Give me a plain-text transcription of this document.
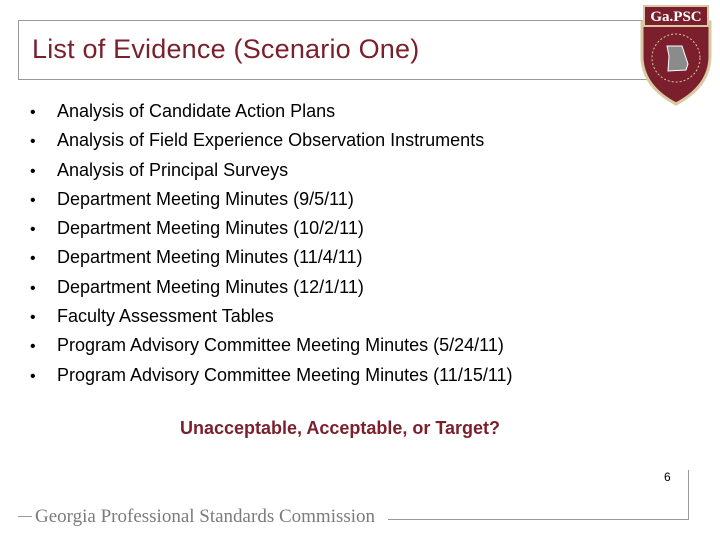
List of Evidence (Scenario One)
Ga.PSC
• Analysis of Candidate Action Plans
• Analysis of Field Experience Observation Instruments
• Analysis of Principal Surveys
• Department Meeting Minutes (9/5/11)
• Department Meeting Minutes (10/2/11)
• Department Meeting Minutes (11/4/11)
• Department Meeting Minutes (12/1/11)
• Faculty Assessment Tables
• Program Advisory Committee Meeting Minutes (5/24/11)
• Program Advisory Committee Meeting Minutes (11/15/11)
Unacceptable, Acceptable, or Target?
6
Georgia Professional Standards Commission
